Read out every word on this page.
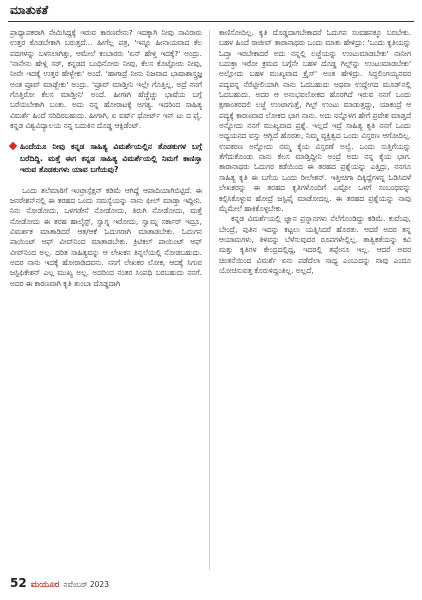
ಮಾತುಕತೆ

ಪ್ರಾಧ್ಯಾಪಕರಾಗಿ ನೇಮಿಸಿದ್ದಕ್ಕೆ ಇರುವ ಕಾರಣವೇನು? ಇದಕ್ಕಾಗಿ ನೀವು ಸಾವಿರಾರು ಉತ್ತರ ಕೊಡಬೇಕಾಗಿ ಬರುತ್ತದೆ... ಹೀಗೆಲ್ಲ ಪತ್ರ, 'ಇನ್ನೂ ಹೀನಾಯವಾದ ಕೆಲ ಪದಗಳನ್ನು ಬಳಸಲಾಗಿತ್ತು, ಆಮೇಲೆ ಕಂಬಾರರು 'ಏನ್ ಹೇಳ್ತಿ ಇದಕ್ಕೆ?' ಅಂದ್ರು. 'ನಾನೇನು ಹೇಳ್ಲಿ ಸರ್, ಕನ್ನಡದ ಬಂಧಿನೋರು ನೀವು, ಕೆಲಸ ಕೊಟ್ಟೋರು ನೀವು, ನೀವೇ ಇದಕ್ಕೆ ಉತ್ತರ ಹೇಳ್ಬೇಕು' ಅಂದೆ. 'ಹಾಗಾದ್ರೆ ನೀನು ನಿಜವಾದ ಭಾಷಾಶಾಸ್ತ್ರಜ್ಞ ಅಂತ ಪ್ರೂವ್ ಮಾಡ್ಬೇಕು' ಅಂದ್ರು. 'ಪ್ರೂವ್ ಮಾಡ್ತೀನಿ ಇಲ್ಲೇ ಗೊತ್ತಿಲ್ಲ, ಅದ್ರೆ ನನಗೆ ಗೊತ್ತಿರೋ ಕೆಲಸ ಮಾಡ್ತೀನಿ' ಅಂದೆ. ಹೀಗಾಗಿ ಹೆಚ್ಚೆಚ್ಚು ಭಾಷೆಯ ಬಗ್ಗೆ ಬರೆಯಬೇಕಾಗಿ ಬಂತು. ಅದು ನನ್ನ ಹೋರಾಟಕ್ಕೆ ಅಗತ್ಯ. ಇದರಿಂದ ಸಾಹಿತ್ಯ ವಿಮರ್ಶೆ ಹಿಂದೆ ಸರಿದಿರಬಹುದು. ಹೀಗಾಗಿ, ಏ ವರ್ಷ್ ಥೋರ್ಟ್ ಇನ್ ಟು ದ ಫೈ. ಕನ್ನಡ ವಿಶ್ವವಿದ್ಯಾಲಯ ನನ್ನ ಬದುಕಿನ ದೊಡ್ಡ ಆಕ್ಸಿಡೆಂಟ್.

ಹಿಂದೆಯೂ ನೀವು ಕನ್ನಡ ಸಾಹಿತ್ಯ ವಿಮರ್ಶೆಯಲ್ಲಿನ ತೊಡಕುಗಳ ಬಗ್ಗೆ ಬರೆದಿದ್ದಿ. ಮತ್ತೆ ಈಗ ಕನ್ನಡ ಸಾಹಿತ್ಯ ವಿಮರ್ಶೆಯಲ್ಲಿ ನಿಮಗೆ ಕಾಣಿಸ್ತಾ ಇರುವ ತೊಡಕುಗಳು ಯಾವ ಬಗೆಯವು?

ಒಂದು ತಲೆಮಾರಿಗೆ ಇಂಟ್ರಾಸ್ಪೆಕ್ಷನ್ ಕಡಿಮೆ ಆಗಿದ್ದೆ ಆಪಾದಿಯಾಗಿಬಿಟ್ಟಿದೆ. ಈ ಜನರೇಶನ್‌ನಲ್ಲಿ ಈ ತರಹದ ಒಂದು ಸಮಸ್ಯೆಯನ್ನು ನಾನು ಫೀಲ್ ಮಾಡ್ತಾ ಇದ್ದೀನಿ. ನಿನು ನೋಡೋದು, ಒಳಗಡೇನೆ ನೋಡೋದು, ತಿರುಗಿ ನೋಡೋದು, ಮತ್ತೆ ನೋಡೋದು ಈ ತರಹ ಹಾಲೈಸ್ಟ್, ಸ್ವಾಗ್ನ ಇರೋದು, ಸ್ವಾಮ್ನ ಸರ್ಕಾರ್ ಇದ್ರೂ, ವಿಮರ್ಶಕ ಮಾತಾಡಿದರೆ ಆತ/ಆಕೆ ಓದುಗರಾಗಿ ಮಾತಾಡಬೇಕು. ಓದುಗನ ಪಾಯಿಂಟ್ ಆಫ್ ವೀವ್‌ನಿಂದ ಮಾತಾಡಬೇಕು. ಕ್ರಿಟಿಕಲ್ ಪಾಯಿಂಟ್ ಆಫ್ ವೀವ್‌ನಿಂದ ಅಲ್ಲ. ದರಿತ ಸಾಹಿತ್ಯವನ್ನು ಆ ಲೇಖಕನ ತಿನ್ನಲೆಯಲ್ಲಿ ನೋಡಬಹುದು. ಅದರ ನಾನು ಇದಕ್ಕೆ ಹೋರಾಡಿದವನು. ನನಗೆ ಲೇಖಕರ ಲೋಕ, ಆದಕ್ಕೆ ಸಿಗುವ ಜಸ್ಟಿಫಿಕೇಶನ್ ಎಲ್ಲ ಮುಖ್ಯ ಅಲ್ಲ. ಅದರಿಂದ ನಂತರ ಸಿಂಪಥಿ ಬರಬಹುದು ನನಗೆ. ಅದರ ಈ ಕಾರಣವಾಗಿ ಕೃತಿ ತುಂಬಾ ದೊಡ್ಡದಾಗಿ

ಕಾಣಿಸೋದಿಲ್ಲ. ಕೃತಿ ದೊಡ್ಡದಾಗಬೇಕಾದರೆ ಓದುಗನ ಸಂವಹನಕ್ಕೂ ಬರಬೇಕು. ಬಹಳ ಹಿಂದೆ ರಾಜೀವ್ ತಾರಾನಾಥರು ಒಂದು ಮಾತು ಹೇಳಿದ್ರು: 'ಒಂದು ಕೃತಿಯನ್ನು ಓದ್ತಾ ಇರಬೇಕಾದರೆ ಅದು ನನ್ನಲ್ಲಿ ಲಜ್ಜೆಯನ್ನು ಉಂಟುಮಾಡಬೇಕು' ನಾನೀಗ ಬದುಕ್ತಾ ಇರೋ ಕ್ರಮದ ಬಗ್ಗೆನೇ ಬಹಳ ದೊಡ್ಡ ಗಿಲ್ಟ್‌ನ್ನು ಉಂಟುಮಾಡಬೇಕು' ಅಲ್ಲೋದು ಬಹಳ ಮುಖ್ಯವಾದ ಕ್ರೈಸ್' ಅಂತ ಹೇಳಿದ್ರು. ಸಿದ್ಧಲಿಂಗಯ್ಯನವರ ಪದ್ಯವನ್ನ ನೆರೆಟ್ಟೀಲಿಯಾಗಿ ನಾನು ಓದಬಹುದು ಅಥವಾ ಉದ್ದೇಗದ ಮೂಡ್‌ನಲ್ಲಿ ಓದಬಹುದು. ಅದರ ಆ ಅನುಭವಲೋಕದ ಹೊರಗಿದೆ ಇರುವ ನನಗೆ ಒಂದು ಕ್ಷಣಾಂತರದಲಿ ಲಜ್ಜೆ ಉಂಟಾಗುತ್ತೆ, ಗಿಲ್ಟ್ ಉಂಟು ಮಾಡುತ್ತದ್ದು, ಯಾಕಂದ್ರೆ ಆ ಪದ್ಯಕ್ಕೆ ಕಾರಣವಾದ ಲೋಕದ ಭಾಗ ನಾನು. ಅದು ನನ್ನೊಳಗ ಹೇಗೆ ಪ್ರವೇಶ ಮಾಡ್ತದೆ ಅನ್ನೋದು ನನಗೆ ಮುಖ್ಯವಾದ ಪ್ರಶ್ನೆ. ಇಲ್ಲದೆ ಇದ್ರೆ ಸಾಹಿತ್ಯ ಕೃತಿ ನನಗೆ ಒಂದು ಅಧ್ಯಯನದ ವಸ್ತು ಆಗ್ಬಿದೆ ಹೊರತು, ನಿಮ್ಮ ವ್ಯಕ್ತಿತ್ವದ ಒಂದು ವಿಸ್ತರಣ ಆಗೋದಿಲ್ಲ. ಉಪಕರಣ ಅನ್ನೋದು ನಮ್ಮ ಕೈಯ ವಿಸ್ತರಣೆ ಅಲ್ವೆ. ಒಂದು ಸುತ್ತಿಗೆಯನ್ನು ತೆಗೆದುಕೊಂಡು ನಾನು ಕೆಲಸ ಮಾಡ್ತಿದ್ದೀನಿ ಅಂದ್ರೆ ಅದು ನನ್ನ ಕೈಯ ಭಾಗ. ತಾರಾನಾಥರು ಓದುಗರ ಕಡೆಯಿಂದ ಈ ತರಹದ ಪ್ರಶ್ನೆಯನ್ನು ಎತ್ತಿದ್ರು, ನನಗೂ ಸಾಹಿತ್ಯ ಕೃತಿ ಈ ಬಗೆಯ ಒಂದು ರೀಲೇಶನ್. ಇತ್ತೀಚಿಗಾ ದಿಕ್ಕಿದ್ದೆಗಳನ್ನ ಓಡಿಸಿದಳೆ ಲೇಖಕರನ್ನು ಈ ತರಹದ ಕೃತಿಗಳೊಂದಿಗೆ ಎಷ್ಟೋ ಒಳಗೆ ಸಂಬಂಧವನ್ನು ಕಲ್ಪಿಸಿಕೊಳ್ಳುವ ಹೋದ್ರೆ ಜಸ್ಟಿಫೈ ಮಾಡೋದಲ್ಲ. ಈ ತರಹದ ಪ್ರಶ್ನೆಯನ್ನು ನಾವು ಮೈಮೇಲೆ ಹಾಕಿಕೊಳ್ಳಬೇಕು.

ಕನ್ನಡ ವಿಮರ್ಶೆಯಲ್ಲಿ ಜ್ಞಾನ ಪ್ರಸ್ನಾನಗಳು ನೆಲೆಗೊಂಡಿದ್ದು ಕಡಿಮೆ. ಕುವೆಂಪು, ಬೇಂದ್ರೆ, ಪುತಿನ ಇದನ್ನು ಕಟ್ಟಲು ಯತ್ನಿಸಿದರೆ ಹೊರತು. ಆದರೆ ಅದರ ತನ್ನ ಆಯಾಮಗಳು, ತಿಳಿವನ್ನು ಬೆಳೆಸುವುದರ ರೂಪಗಳೇಲ್ಲಿಲ್ಲ. ತಾತ್ವಿಕತೆಯನ್ನು ಕವಿ ಮತ್ತು ಕೃತಿಗಳ ಕೇಂದ್ರದಲ್ಲಿದ್ದ, ಇದರಲ್ಲಿ ತಪ್ಪೇನೂ ಇಲ್ಲ. ಆದರೆ ಅವರ ಚಿಂತನೆಯಿಂದ ವಿಮರ್ಶೆ ಏನು ಪಡೆದೆಲಾ ಸಾಧ್ಯ ಎಂಬುದನ್ನು ನಾವು ಎಂದೂ ಯೋಚಿಸುವತ್ತ ಕೊರುಳಿದ್ದಂತಿಲ್ಲ. ಅಲ್ಲದೆ,

52 ಮಯೂರ ನವೆಂಬರ್ 2023
